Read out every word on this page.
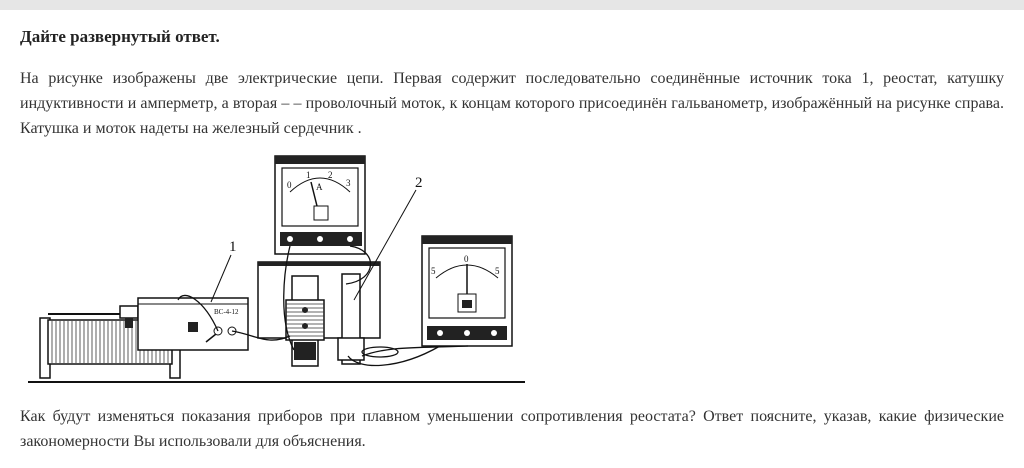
Дайте развернутый ответ.
На рисунке изображены две электрические цепи. Первая содержит последовательно соединённые источник тока 1, реостат, катушку индуктивности и амперметр, а вторая – – проволочный моток, к концам которого присоединён гальванометр, изображённый на рисунке справа. Катушка и моток надеты на железный сердечник .
ВС-4-12
0
1 2
3
A
5
0
5
1
2
Как будут изменяться показания приборов при плавном уменьшении сопротивления реостата? Ответ поясните, указав, какие физические закономерности Вы использовали для объяснения.
